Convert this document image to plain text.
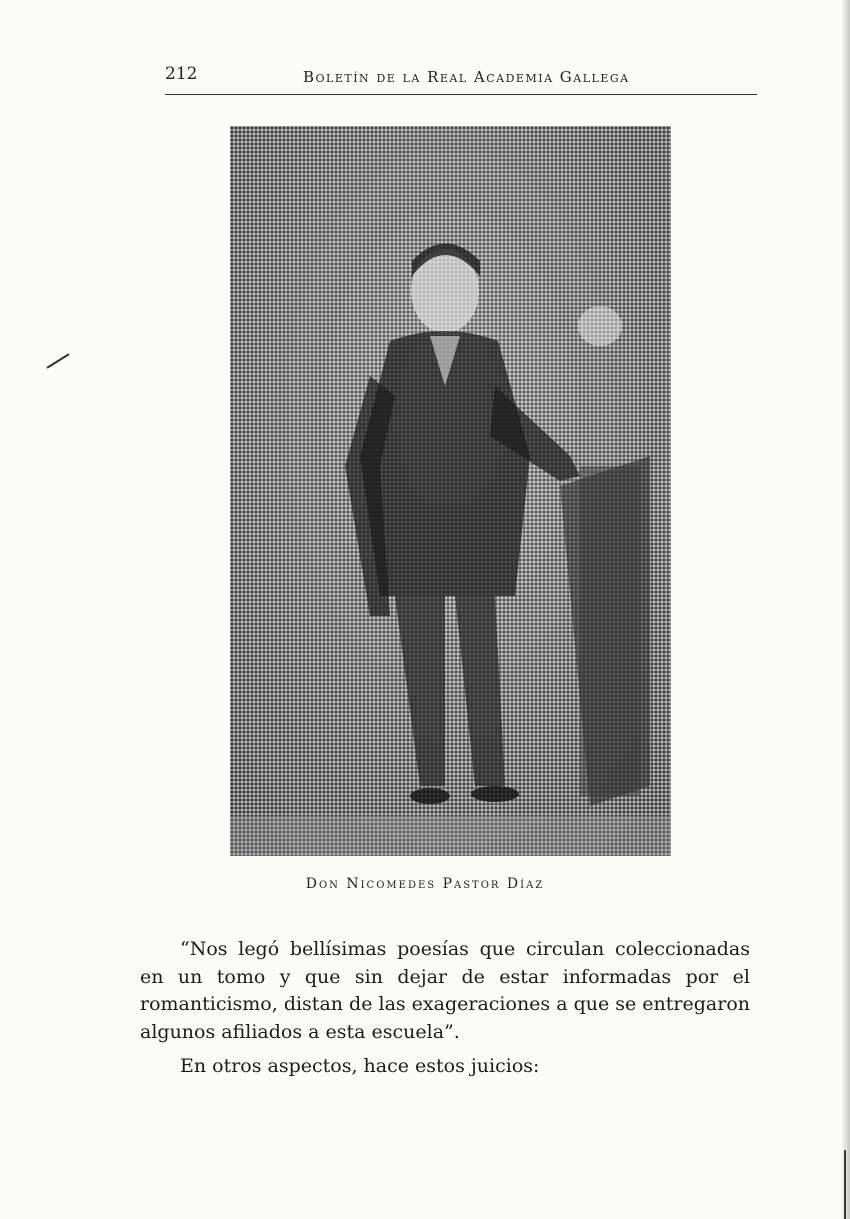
212	Boletín de la Real Academia Gallega
Don Nicomedes Pastor Díaz

“Nos legó bellísimas poesías que circulan coleccionadas en un tomo y que sin dejar de estar informadas por el romanticismo, distan de las exageraciones a que se entregaron algunos afiliados a esta escuela”.

En otros aspectos, hace estos juicios:
